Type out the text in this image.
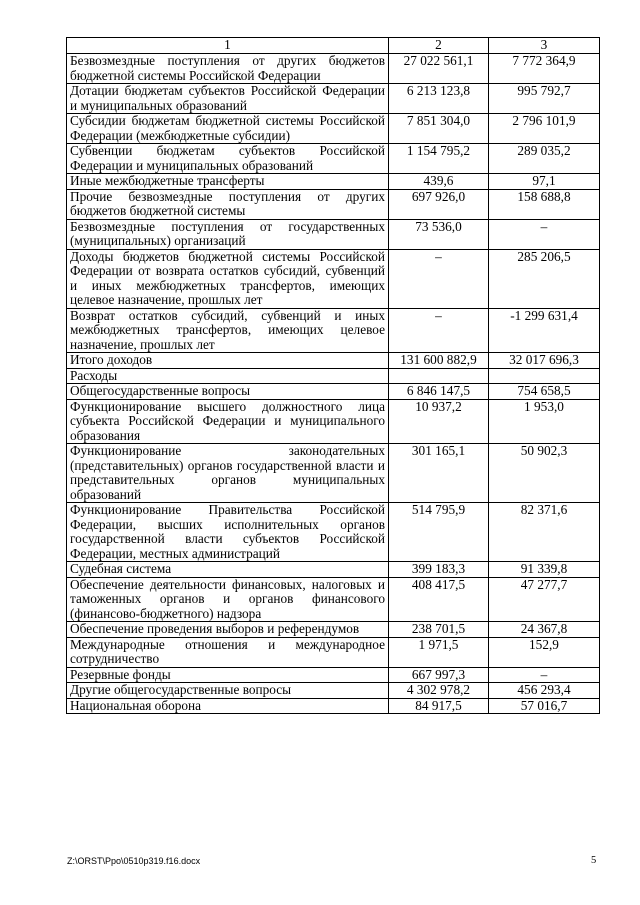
1	2	3
Безвозмездные поступления от других бюджетов бюджетной системы Российской Федерации	27 022 561,1	7 772 364,9
Дотации бюджетам субъектов Российской Федерации и муниципальных образований	6 213 123,8	995 792,7
Субсидии бюджетам бюджетной системы Российской Федерации (межбюджетные субсидии)	7 851 304,0	2 796 101,9
Субвенции бюджетам субъектов Российской Федерации и муниципальных образований	1 154 795,2	289 035,2
Иные межбюджетные трансферты	439,6	97,1
Прочие безвозмездные поступления от других бюджетов бюджетной системы	697 926,0	158 688,8
Безвозмездные поступления от государственных (муниципальных) организаций	73 536,0	–
Доходы бюджетов бюджетной системы Российской Федерации от возврата остатков субсидий, субвенций и иных межбюджетных трансфертов, имеющих целевое назначение, прошлых лет	–	285 206,5
Возврат остатков субсидий, субвенций и иных межбюджетных трансфертов, имеющих целевое назначение, прошлых лет	–	-1 299 631,4
Итого доходов	131 600 882,9	32 017 696,3
Расходы		
Общегосударственные вопросы	6 846 147,5	754 658,5
Функционирование высшего должностного лица субъекта Российской Федерации и муниципального образования	10 937,2	1 953,0
Функционирование законодательных (представительных) органов государственной власти и представительных органов муниципальных образований	301 165,1	50 902,3
Функционирование Правительства Российской Федерации, высших исполнительных органов государственной власти субъектов Российской Федерации, местных администраций	514 795,9	82 371,6
Судебная система	399 183,3	91 339,8
Обеспечение деятельности финансовых, налоговых и таможенных органов и органов финансового (финансово-бюджетного) надзора	408 417,5	47 277,7
Обеспечение проведения выборов и референдумов	238 701,5	24 367,8
Международные отношения и международное сотрудничество	1 971,5	152,9
Резервные фонды	667 997,3	–
Другие общегосударственные вопросы	4 302 978,2	456 293,4
Национальная оборона	84 917,5	57 016,7
Z:\ORST\Ppo\0510p319.f16.docx	5
